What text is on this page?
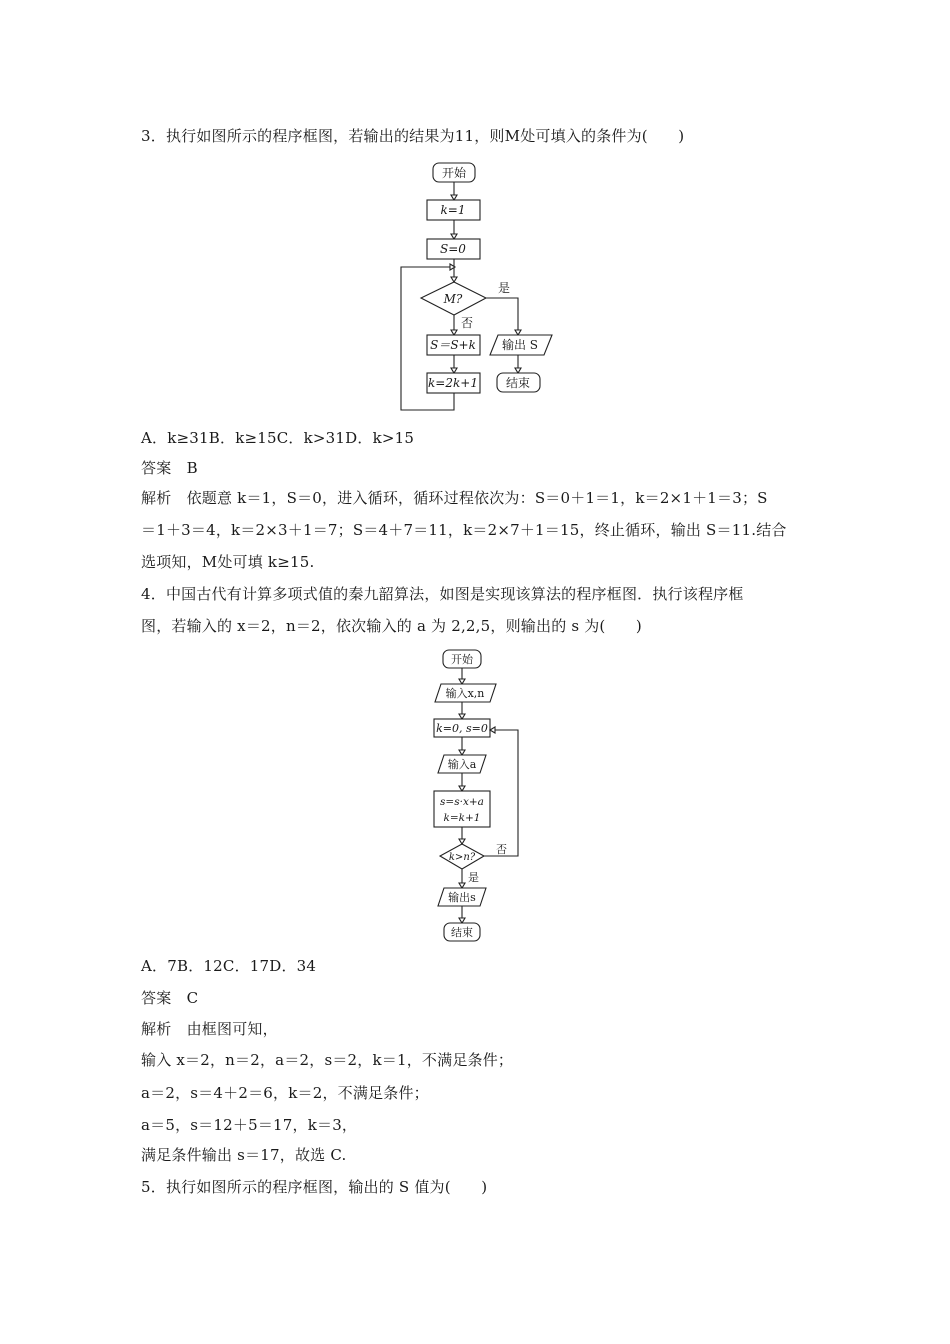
3．执行如图所示的程序框图，若输出的结果为11，则M处可填入的条件为(　　)
开始
k=1
S=0
M?
是
否
S＝S+k
k=2k+1
输出 S
结束
A．k≥31B．k≥15C．k>31D．k>15
答案　B
解析　依题意 k＝1，S＝0，进入循环，循环过程依次为：S＝0＋1＝1，k＝2×1＋1＝3；S
＝1＋3＝4，k＝2×3＋1＝7；S＝4＋7＝11，k＝2×7＋1＝15，终止循环，输出 S＝11.结合
选项知，M处可填 k≥15.
4．中国古代有计算多项式值的秦九韶算法，如图是实现该算法的程序框图．执行该程序框
图，若输入的 x＝2，n＝2，依次输入的 a 为 2,2,5，则输出的 s 为(　　)
开始
输入x,n
k=0, s=0
输入a
s=s·x+a
k=k+1
k>n?
否
是
输出s
结束
A．7B．12C．17D．34
答案　C
解析　由框图可知，
输入 x＝2，n＝2，a＝2，s＝2，k＝1，不满足条件；
a＝2，s＝4＋2＝6，k＝2，不满足条件；
a＝5，s＝12＋5＝17，k＝3，
满足条件输出 s＝17，故选 C.
5．执行如图所示的程序框图，输出的 S 值为(　　)
